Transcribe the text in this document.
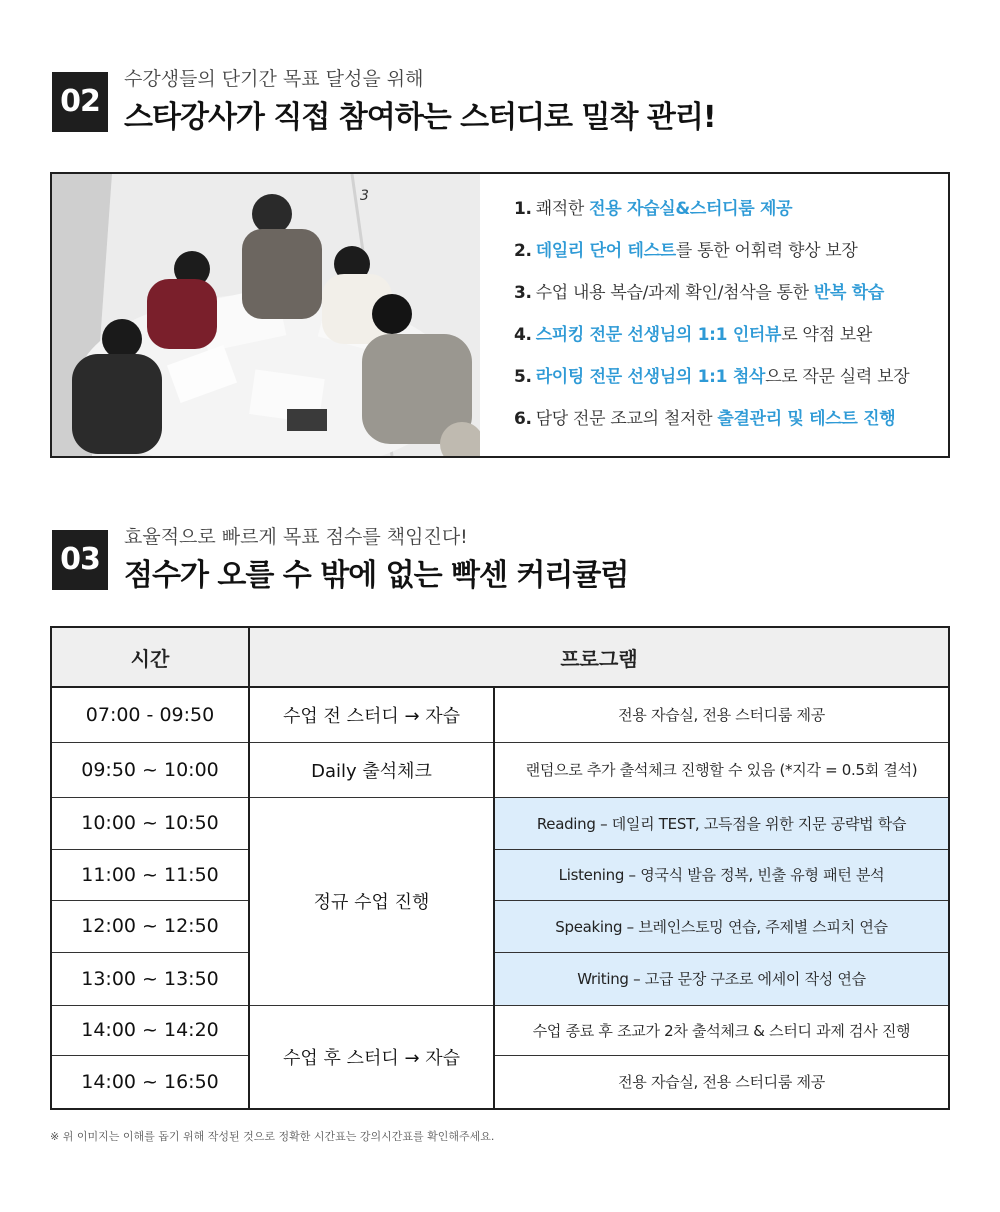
02
수강생들의 단기간 목표 달성을 위해
스타강사가 직접 참여하는 스터디로 밀착 관리!
3
1. 쾌적한 전용 자습실&스터디룸 제공
2. 데일리 단어 테스트를 통한 어휘력 향상 보장
3. 수업 내용 복습/과제 확인/첨삭을 통한 반복 학습
4. 스피킹 전문 선생님의 1:1 인터뷰로 약점 보완
5. 라이팅 전문 선생님의 1:1 첨삭으로 작문 실력 보장
6. 담당 전문 조교의 철저한 출결관리 및 테스트 진행
03
효율적으로 빠르게 목표 점수를 책임진다!
점수가 오를 수 밖에 없는 빡센 커리큘럼
시간	프로그램	
07:00 - 09:50	수업 전 스터디 → 자습	전용 자습실, 전용 스터디룸 제공
09:50 ~ 10:00	Daily 출석체크	랜덤으로 추가 출석체크 진행할 수 있음 (*지각 = 0.5회 결석)
10:00 ~ 10:50	정규 수업 진행	Reading – 데일리 TEST, 고득점을 위한 지문 공략법 학습
11:00 ~ 11:50		Listening – 영국식 발음 정복, 빈출 유형 패턴 분석
12:00 ~ 12:50		Speaking – 브레인스토밍 연습, 주제별 스피치 연습
13:00 ~ 13:50		Writing – 고급 문장 구조로 에세이 작성 연습
14:00 ~ 14:20	수업 후 스터디 → 자습	수업 종료 후 조교가 2차 출석체크 & 스터디 과제 검사 진행
14:00 ~ 16:50		전용 자습실, 전용 스터디룸 제공
※ 위 이미지는 이해를 돕기 위해 작성된 것으로 정확한 시간표는 강의시간표를 확인해주세요.
